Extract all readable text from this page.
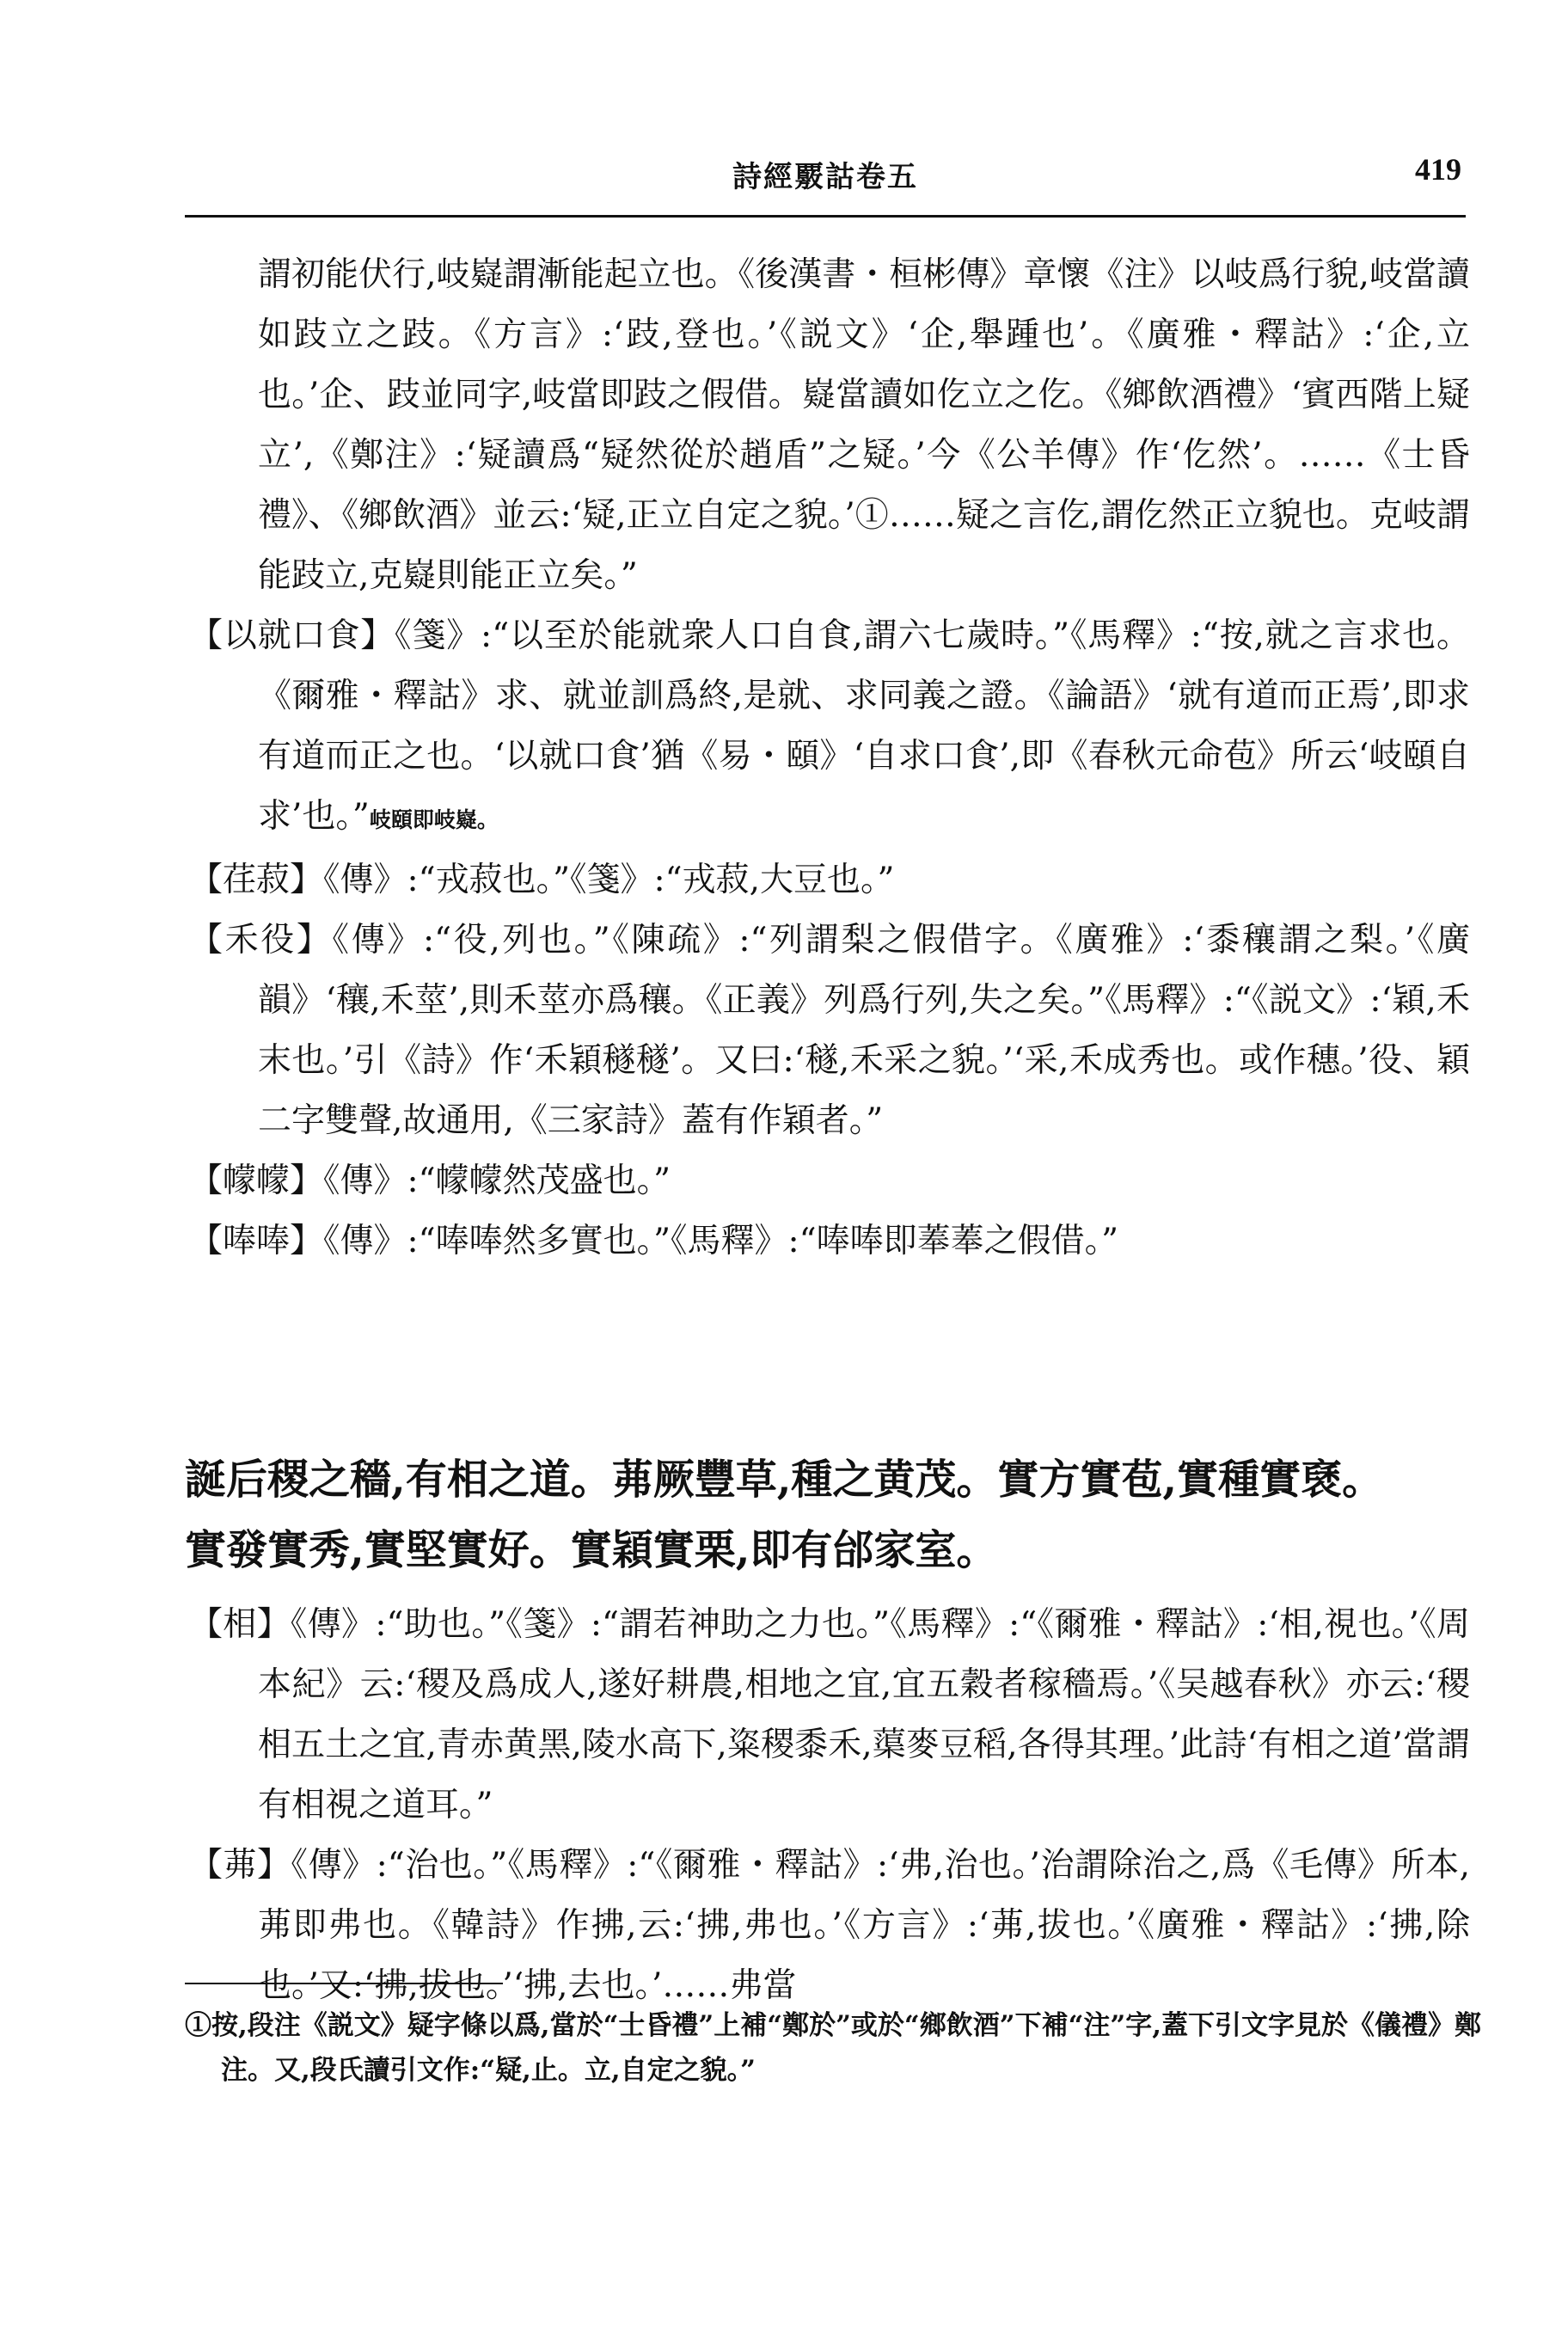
詩經覈詁卷五	419

謂初能伏行,岐嶷謂漸能起立也。《後漢書・桓彬傳》章懷《注》以岐爲行貌,岐當讀如跂立之跂。《方言》:‘跂,登也。’《説文》‘企,舉踵也’。《廣雅・釋詁》:‘企,立也。’企、跂並同字,岐當即跂之假借。嶷當讀如仡立之仡。《鄉飲酒禮》‘賓西階上疑立’,《鄭注》:‘疑讀爲“疑然從於趙盾”之疑。’今《公羊傳》作‘仡然’。……《士昏禮》、《鄉飲酒》並云:‘疑,正立自定之貌。’①……疑之言仡,謂仡然正立貌也。克岐謂能跂立,克嶷則能正立矣。”

【以就口食】《箋》:“以至於能就衆人口自食,謂六七歲時。”《馬釋》:“按,就之言求也。《爾雅・釋詁》求、就並訓爲終,是就、求同義之證。《論語》‘就有道而正焉’,即求有道而正之也。‘以就口食’猶《易・頤》‘自求口食’,即《春秋元命苞》所云‘岐頤自求’也。”岐頤即岐嶷。

【荏菽】《傳》:“戎菽也。”《箋》:“戎菽,大豆也。”

【禾役】《傳》:“役,列也。”《陳疏》:“列謂梨之假借字。《廣雅》:‘黍穰謂之梨。’《廣韻》‘穰,禾莖’,則禾莖亦爲穰。《正義》列爲行列,失之矣。”《馬釋》:“《説文》:‘穎,禾末也。’引《詩》作‘禾穎穟穟’。又曰:‘穟,禾采之貌。’‘采,禾成秀也。或作穗。’役、穎二字雙聲,故通用,《三家詩》蓋有作穎者。”

【幪幪】《傳》:“幪幪然茂盛也。”

【唪唪】《傳》:“唪唪然多實也。”《馬釋》:“唪唪即菶菶之假借。”

誕后稷之穡,有相之道。茀厥豐草,種之黄茂。實方實苞,實種實褎。
實發實秀,實堅實好。實穎實栗,即有邰家室。

【相】《傳》:“助也。”《箋》:“謂若神助之力也。”《馬釋》:“《爾雅・釋詁》:‘相,視也。’《周本紀》云:‘稷及爲成人,遂好耕農,相地之宜,宜五穀者稼穡焉。’《吴越春秋》亦云:‘稷相五土之宜,青赤黄黑,陵水高下,粢稷黍禾,蕖麥豆稻,各得其理。’此詩‘有相之道’當謂有相視之道耳。”

【茀】《傳》:“治也。”《馬釋》:“《爾雅・釋詁》:‘弗,治也。’治謂除治之,爲《毛傳》所本,茀即弗也。《韓詩》作拂,云:‘拂,弗也。’《方言》:‘茀,拔也。’《廣雅・釋詁》:‘拂,除也。’又:‘拂,拔也。’‘拂,去也。’……弗當

①按,段注《説文》疑字條以爲,當於“士昏禮”上補“鄭於”或於“鄉飲酒”下補“注”字,蓋下引文字見於《儀禮》鄭注。又,段氏讀引文作:“疑,止。立,自定之貌。”
